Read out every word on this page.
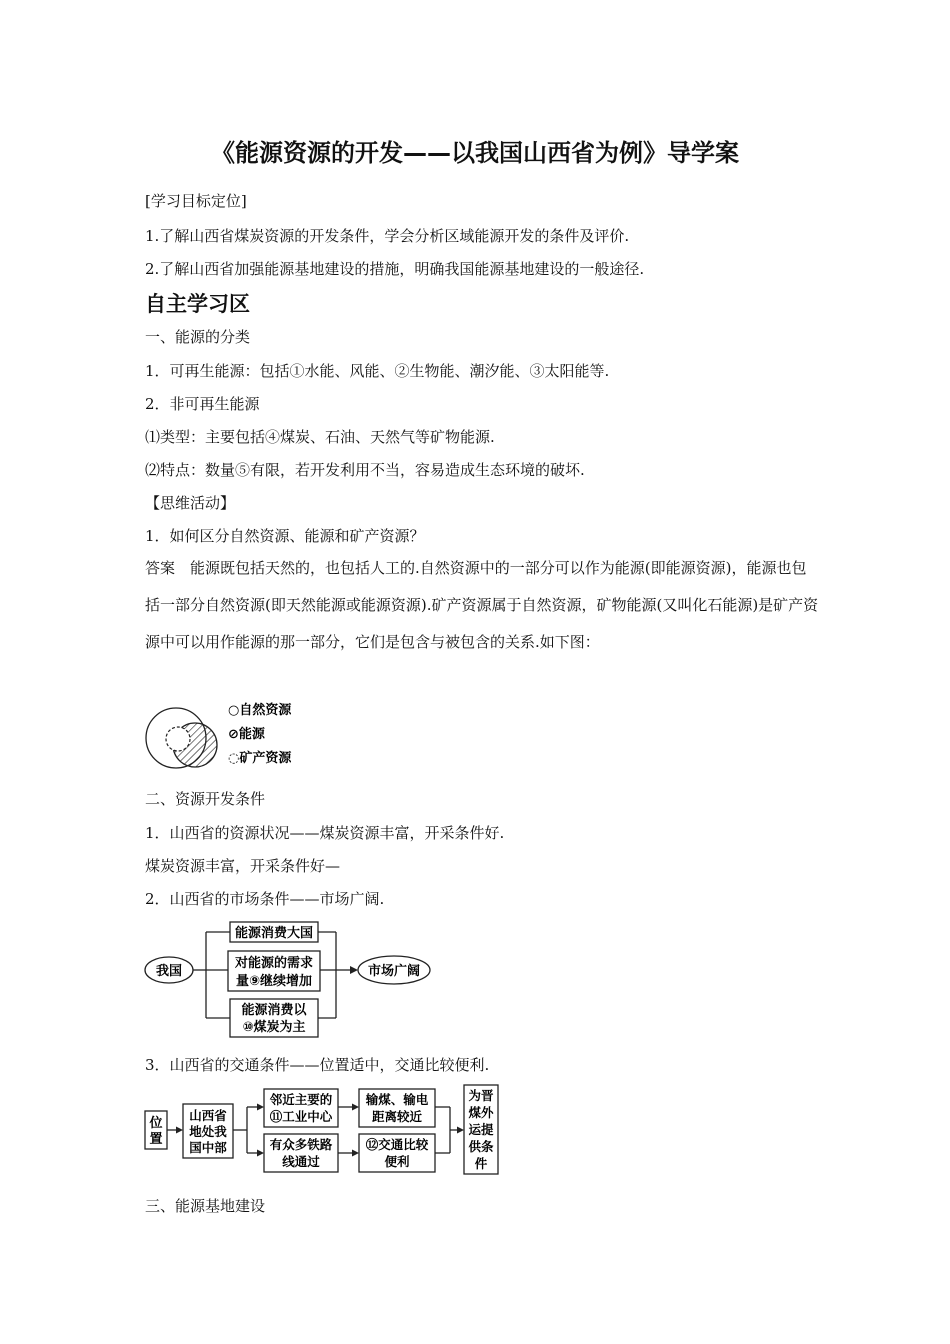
《能源资源的开发——以我国山西省为例》导学案
[学习目标定位]
1.了解山西省煤炭资源的开发条件，学会分析区域能源开发的条件及评价.
2.了解山西省加强能源基地建设的措施，明确我国能源基地建设的一般途径.
自主学习区
一、能源的分类
1．可再生能源：包括①水能、风能、②生物能、潮汐能、③太阳能等.
2．非可再生能源
⑴类型：主要包括④煤炭、石油、天然气等矿物能源.
⑵特点：数量⑤有限，若开发利用不当，容易造成生态环境的破坏.
【思维活动】
1．如何区分自然资源、能源和矿产资源？
答案　能源既包括天然的，也包括人工的.自然资源中的一部分可以作为能源(即能源资源)，能源也包括一部分自然资源(即天然能源或能源资源).矿产资源属于自然资源，矿物能源(又叫化石能源)是矿产资源中可以用作能源的那一部分，它们是包含与被包含的关系.如下图：
○自然资源
⊘能源
◌矿产资源
二、资源开发条件
1．山西省的资源状况——煤炭资源丰富，开采条件好.
煤炭资源丰富，开采条件好—
2．山西省的市场条件——市场广阔.
我国
能源消费大国
对能源的需求
量⑨继续增加
能源消费以
⑩煤炭为主
市场广阔
3．山西省的交通条件——位置适中，交通比较便利.
位
置
山西省
地处我
国中部
邻近主要的
⑪工业中心
有众多铁路
线通过
输煤、输电
距离较近
⑫交通比较
便利
为晋
煤外
运提
供条
件
三、能源基地建设
